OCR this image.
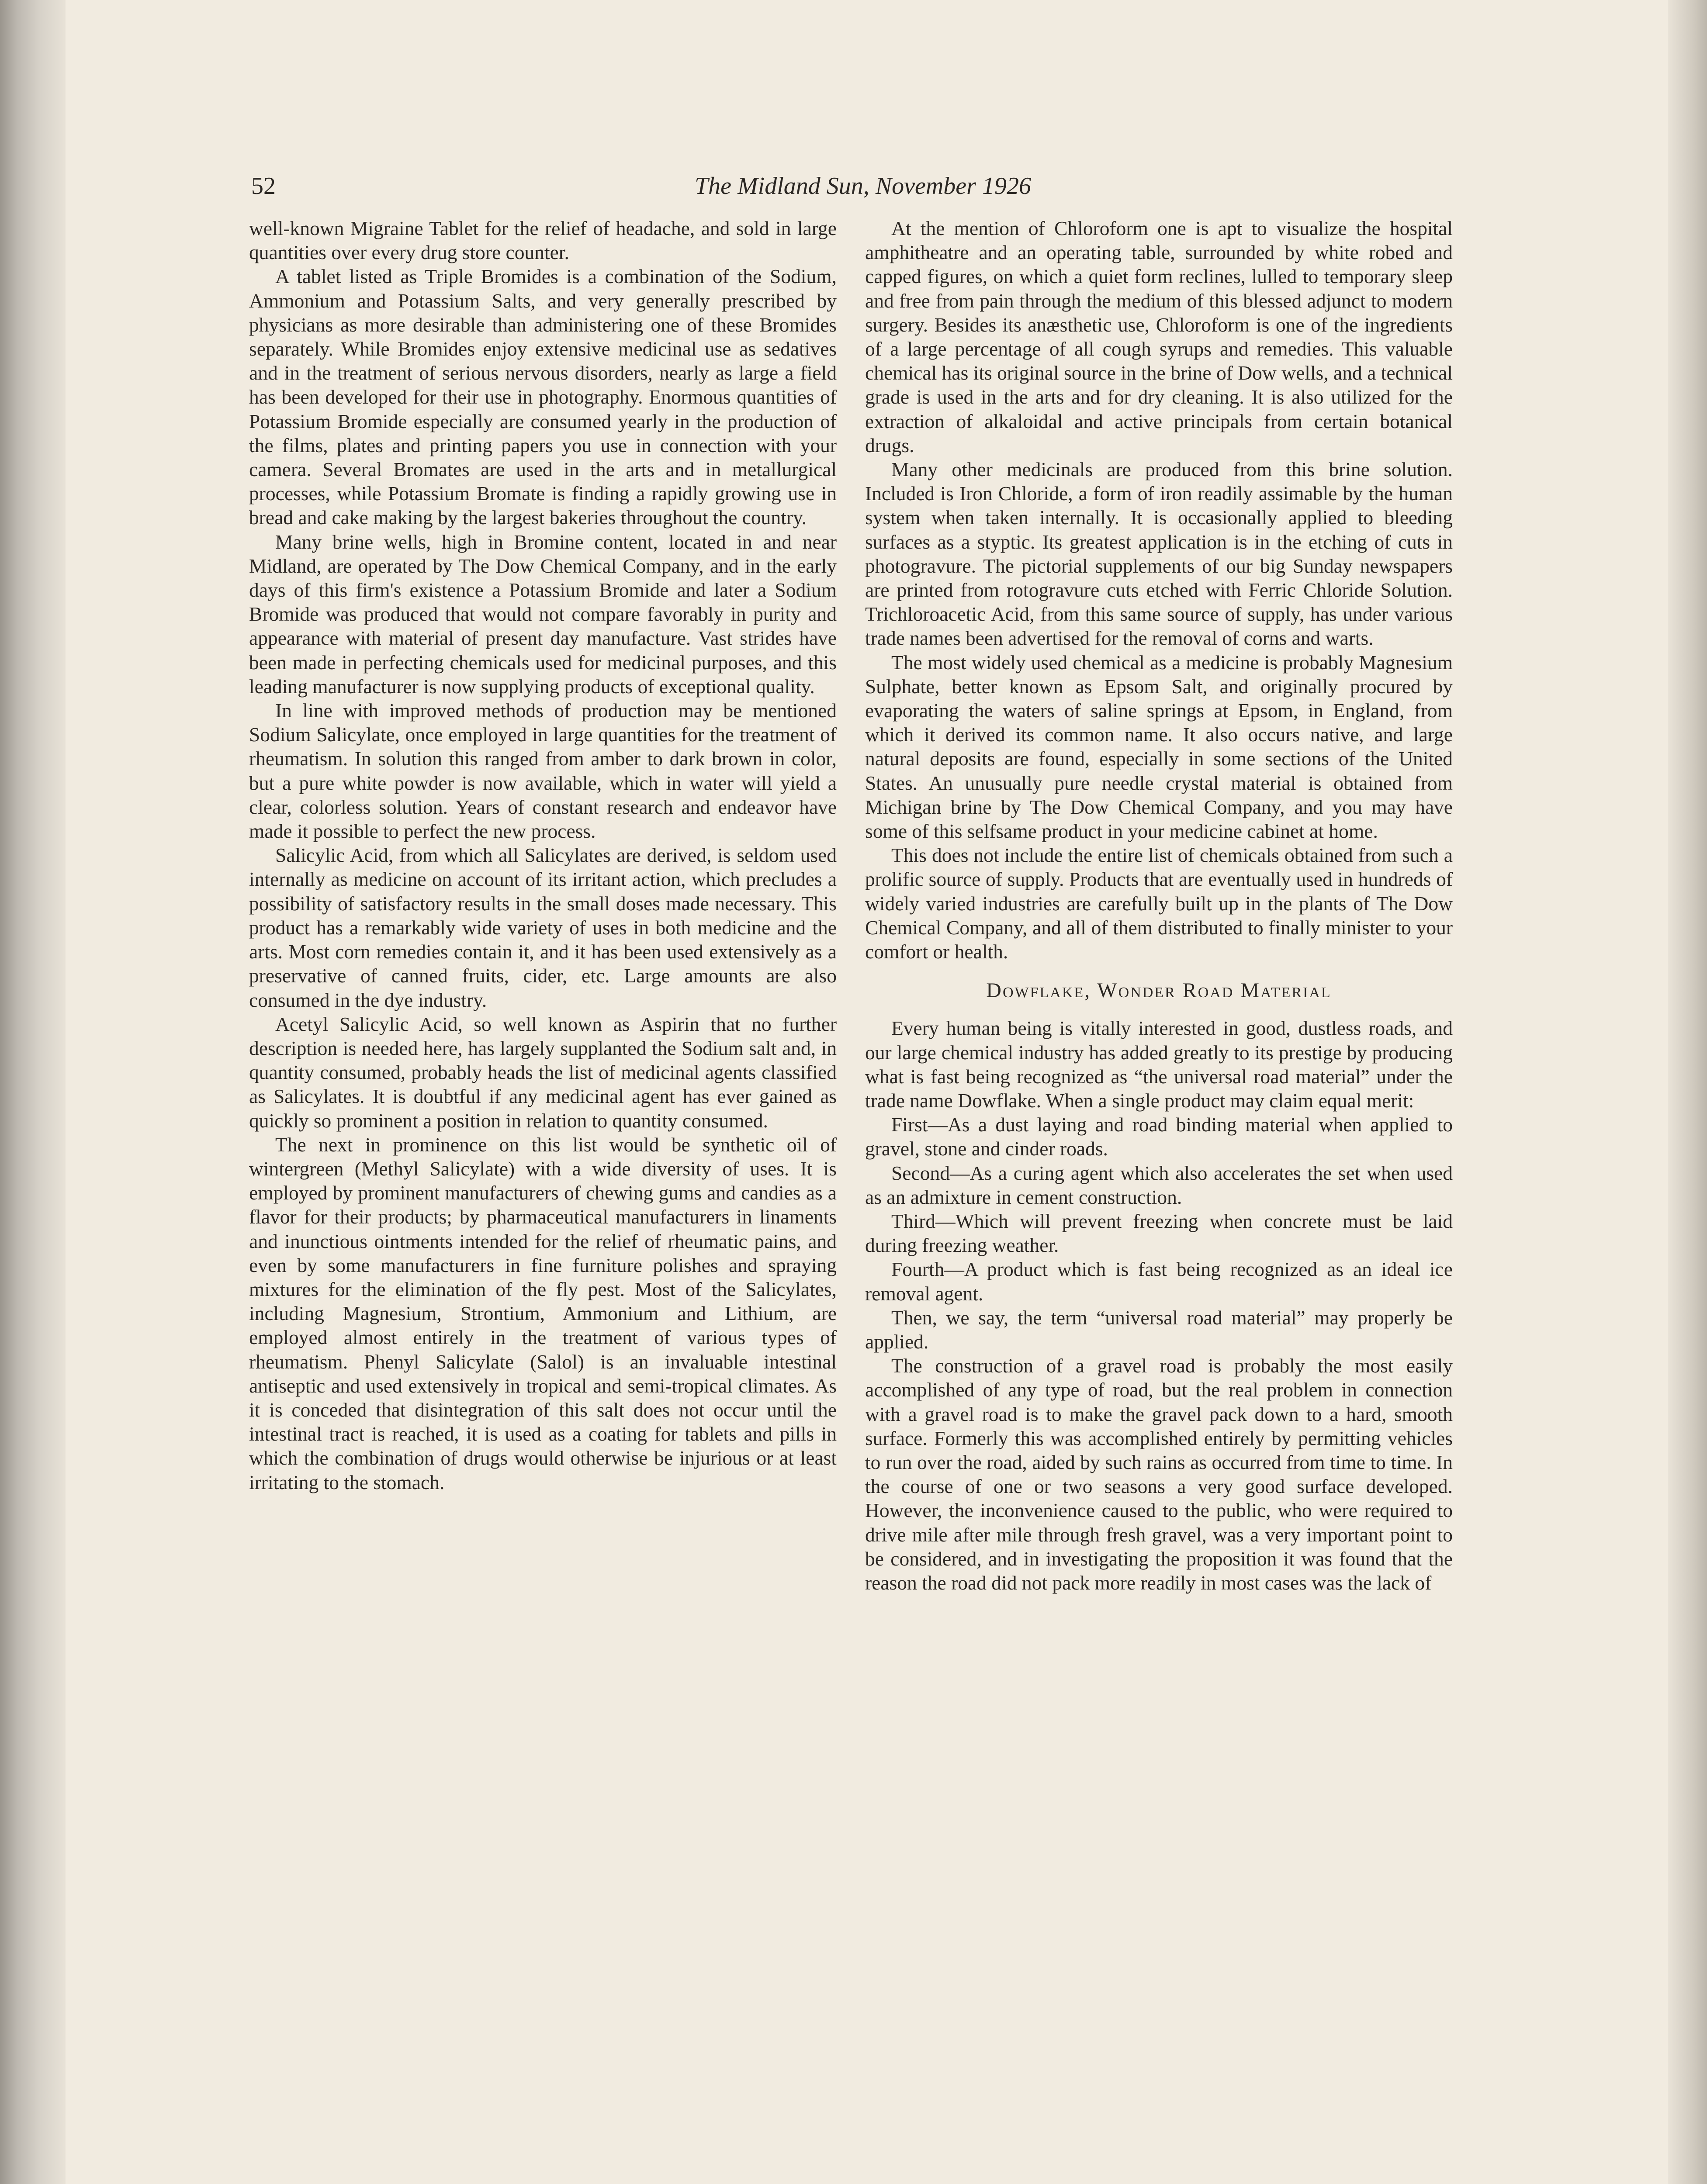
52	The Midland Sun, November 1926

well-known Migraine Tablet for the relief of headache, and sold in large quantities over every drug store counter.

A tablet listed as Triple Bromides is a combination of the Sodium, Ammonium and Potassium Salts, and very generally prescribed by physicians as more desirable than administering one of these Bromides separately. While Bromides enjoy extensive medicinal use as sedatives and in the treatment of serious nervous disorders, nearly as large a field has been developed for their use in photography. Enormous quantities of Potassium Bromide especially are consumed yearly in the production of the films, plates and printing papers you use in connection with your camera. Several Bromates are used in the arts and in metallurgical processes, while Potassium Bromate is finding a rapidly growing use in bread and cake making by the largest bakeries throughout the country.

Many brine wells, high in Bromine content, located in and near Midland, are operated by The Dow Chemical Company, and in the early days of this firm's existence a Potassium Bromide and later a Sodium Bromide was produced that would not compare favorably in purity and appearance with material of present day manufacture. Vast strides have been made in perfecting chemicals used for medicinal purposes, and this leading manufacturer is now supplying products of exceptional quality.

In line with improved methods of production may be mentioned Sodium Salicylate, once employed in large quantities for the treatment of rheumatism. In solution this ranged from amber to dark brown in color, but a pure white powder is now available, which in water will yield a clear, colorless solution. Years of constant research and endeavor have made it possible to perfect the new process.

Salicylic Acid, from which all Salicylates are derived, is seldom used internally as medicine on account of its irritant action, which precludes a possibility of satisfactory results in the small doses made necessary. This product has a remarkably wide variety of uses in both medicine and the arts. Most corn remedies contain it, and it has been used extensively as a preservative of canned fruits, cider, etc. Large amounts are also consumed in the dye industry.

Acetyl Salicylic Acid, so well known as Aspirin that no further description is needed here, has largely supplanted the Sodium salt and, in quantity consumed, probably heads the list of medicinal agents classified as Salicylates. It is doubtful if any medicinal agent has ever gained as quickly so prominent a position in relation to quantity consumed.

The next in prominence on this list would be synthetic oil of wintergreen (Methyl Salicylate) with a wide diversity of uses. It is employed by prominent manufacturers of chewing gums and candies as a flavor for their products; by pharmaceutical manufacturers in linaments and inunctious ointments intended for the relief of rheumatic pains, and even by some manufacturers in fine furniture polishes and spraying mixtures for the elimination of the fly pest. Most of the Salicylates, including Magnesium, Strontium, Ammonium and Lithium, are employed almost entirely in the treatment of various types of rheumatism. Phenyl Salicylate (Salol) is an invaluable intestinal antiseptic and used extensively in tropical and semi-tropical climates. As it is conceded that disintegration of this salt does not occur until the intestinal tract is reached, it is used as a coating for tablets and pills in which the combination of drugs would otherwise be injurious or at least irritating to the stomach.

At the mention of Chloroform one is apt to visualize the hospital amphitheatre and an operating table, surrounded by white robed and capped figures, on which a quiet form reclines, lulled to temporary sleep and free from pain through the medium of this blessed adjunct to modern surgery. Besides its anæsthetic use, Chloroform is one of the ingredients of a large percentage of all cough syrups and remedies. This valuable chemical has its original source in the brine of Dow wells, and a technical grade is used in the arts and for dry cleaning. It is also utilized for the extraction of alkaloidal and active principals from certain botanical drugs.

Many other medicinals are produced from this brine solution. Included is Iron Chloride, a form of iron readily assimable by the human system when taken internally. It is occasionally applied to bleeding surfaces as a styptic. Its greatest application is in the etching of cuts in photogravure. The pictorial supplements of our big Sunday newspapers are printed from rotogravure cuts etched with Ferric Chloride Solution. Trichloroacetic Acid, from this same source of supply, has under various trade names been advertised for the removal of corns and warts.

The most widely used chemical as a medicine is probably Magnesium Sulphate, better known as Epsom Salt, and originally procured by evaporating the waters of saline springs at Epsom, in England, from which it derived its common name. It also occurs native, and large natural deposits are found, especially in some sections of the United States. An unusually pure needle crystal material is obtained from Michigan brine by The Dow Chemical Company, and you may have some of this selfsame product in your medicine cabinet at home.

This does not include the entire list of chemicals obtained from such a prolific source of supply. Products that are eventually used in hundreds of widely varied industries are carefully built up in the plants of The Dow Chemical Company, and all of them distributed to finally minister to your comfort or health.

Dowflake, Wonder Road Material

Every human being is vitally interested in good, dustless roads, and our large chemical industry has added greatly to its prestige by producing what is fast being recognized as “the universal road material” under the trade name Dowflake. When a single product may claim equal merit:

First—As a dust laying and road binding material when applied to gravel, stone and cinder roads.

Second—As a curing agent which also accelerates the set when used as an admixture in cement construction.

Third—Which will prevent freezing when concrete must be laid during freezing weather.

Fourth—A product which is fast being recognized as an ideal ice removal agent.

Then, we say, the term “universal road material” may properly be applied.

The construction of a gravel road is probably the most easily accomplished of any type of road, but the real problem in connection with a gravel road is to make the gravel pack down to a hard, smooth surface. Formerly this was accomplished entirely by permitting vehicles to run over the road, aided by such rains as occurred from time to time. In the course of one or two seasons a very good surface developed. However, the inconvenience caused to the public, who were required to drive mile after mile through fresh gravel, was a very important point to be considered, and in investigating the proposition it was found that the reason the road did not pack more readily in most cases was the lack of
